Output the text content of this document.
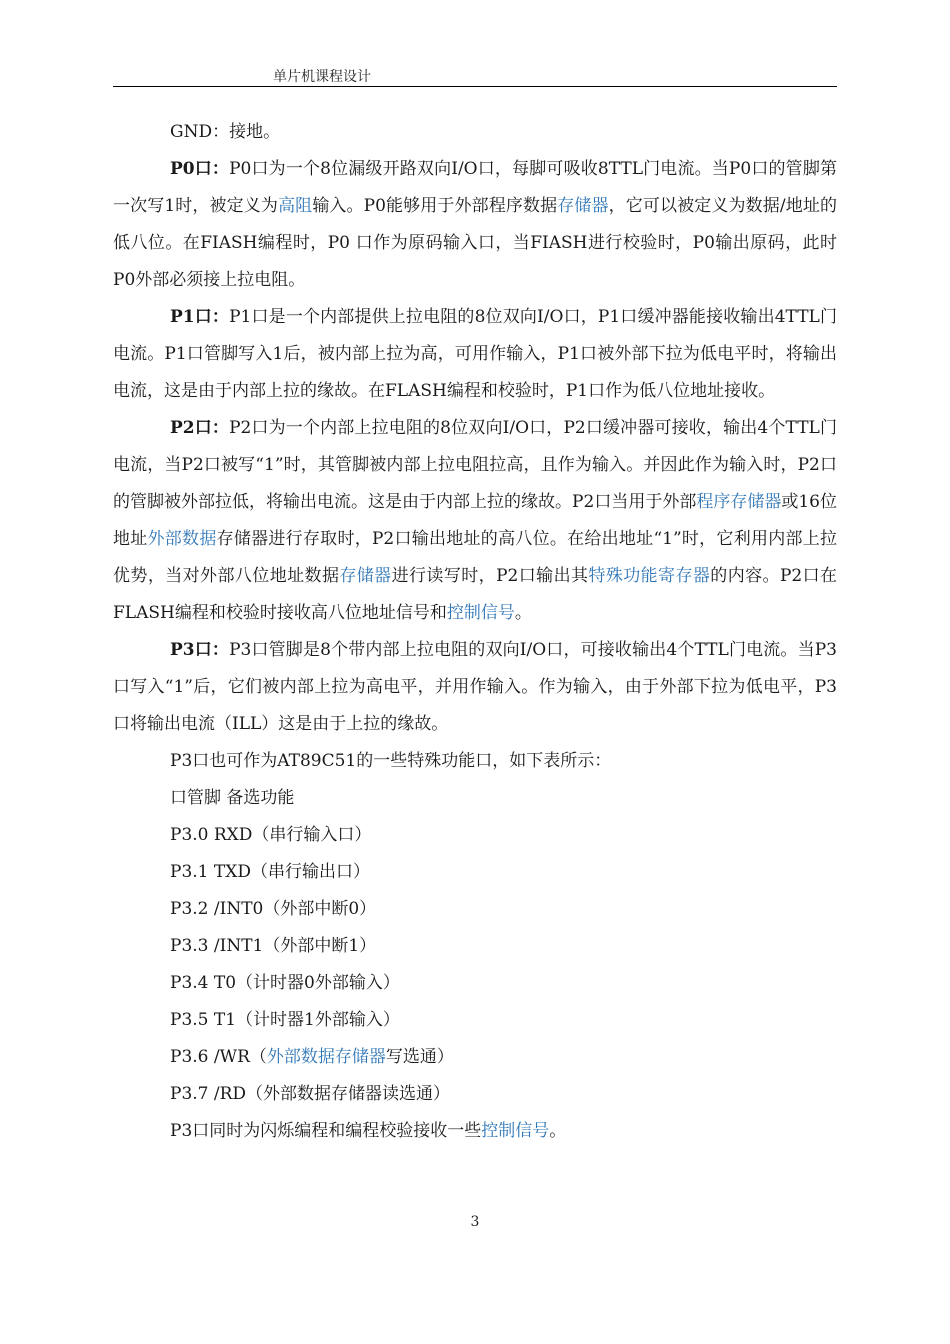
单片机课程设计

GND：接地。

P0口：P0口为一个8位漏级开路双向I/O口，每脚可吸收8TTL门电流。当P0口的管脚第一次写1时，被定义为高阻输入。P0能够用于外部程序数据存储器，它可以被定义为数据/地址的低八位。在FIASH编程时，P0 口作为原码输入口，当FIASH进行校验时，P0输出原码，此时P0外部必须接上拉电阻。

P1口：P1口是一个内部提供上拉电阻的8位双向I/O口，P1口缓冲器能接收输出4TTL门电流。P1口管脚写入1后，被内部上拉为高，可用作输入，P1口被外部下拉为低电平时，将输出电流，这是由于内部上拉的缘故。在FLASH编程和校验时，P1口作为低八位地址接收。

P2口：P2口为一个内部上拉电阻的8位双向I/O口，P2口缓冲器可接收，输出4个TTL门电流，当P2口被写“1”时，其管脚被内部上拉电阻拉高，且作为输入。并因此作为输入时，P2口的管脚被外部拉低，将输出电流。这是由于内部上拉的缘故。P2口当用于外部程序存储器或16位地址外部数据存储器进行存取时，P2口输出地址的高八位。在给出地址“1”时，它利用内部上拉优势，当对外部八位地址数据存储器进行读写时，P2口输出其特殊功能寄存器的内容。P2口在FLASH编程和校验时接收高八位地址信号和控制信号。

P3口：P3口管脚是8个带内部上拉电阻的双向I/O口，可接收输出4个TTL门电流。当P3口写入“1”后，它们被内部上拉为高电平，并用作输入。作为输入，由于外部下拉为低电平，P3口将输出电流（ILL）这是由于上拉的缘故。

P3口也可作为AT89C51的一些特殊功能口，如下表所示：

口管脚 备选功能

P3.0 RXD（串行输入口）

P3.1 TXD（串行输出口）

P3.2 /INT0（外部中断0）

P3.3 /INT1（外部中断1）

P3.4 T0（计时器0外部输入）

P3.5 T1（计时器1外部输入）

P3.6 /WR（外部数据存储器写选通）

P3.7 /RD（外部数据存储器读选通）

P3口同时为闪烁编程和编程校验接收一些控制信号。

3
